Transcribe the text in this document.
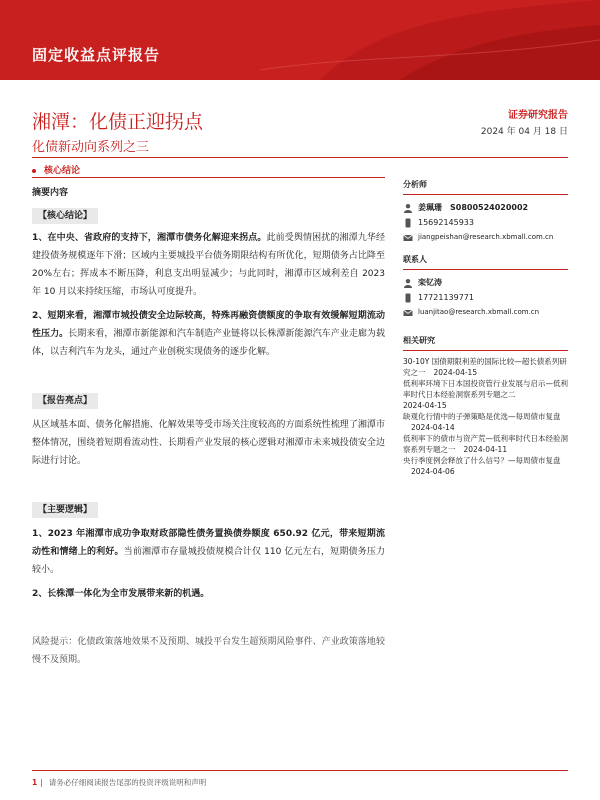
固定收益点评报告
湘潭：化债正迎拐点	证券研究报告
2024 年 04 月 18 日
化债新动向系列之三
核心结论
摘要内容
【核心结论】

1、在中央、省政府的支持下，湘潭市债务化解迎来拐点。此前受舆情困扰的湘潭九华经建投债务规模逐年下滑；区域内主要城投平台债务期限结构有所优化，短期债务占比降至20%左右；挥成本不断压降，利息支出明显减少；与此同时，湘潭市区域利差自 2023 年 10 月以来持续压缩，市场认可度提升。

2、短期来看，湘潭市城投债安全边际较高，特殊再融资债额度的争取有效缓解短期流动性压力。长期来看，湘潭市新能源和汽车制造产业链将以长株潭新能源汽车产业走廊为载体，以吉利汽车为龙头，通过产业创税实现债务的逐步化解。

【报告亮点】

从区域基本面、债务化解措施、化解效果等受市场关注度较高的方面系统性梳理了湘潭市整体情况，围绕着短期看流动性、长期看产业发展的核心逻辑对湘潭市未来城投债安全边际进行讨论。

【主要逻辑】

1、2023 年湘潭市成功争取财政部隐性债务置换债券额度 650.92 亿元，带来短期流动性和情绪上的利好。当前湘潭市存量城投债规模合计仅 110 亿元左右，短期债务压力较小。

2、长株潭一体化为全市发展带来新的机遇。

风险提示：化债政策落地效果不及预期、城投平台发生超预期风险事件、产业政策落地较慢不及预期。

分析师
姜珮珊 S0800524020002
15692145933
jiangpeishan@research.xbmall.com.cn
联系人
栾钇涛
17721139771
luanjitao@research.xbmall.com.cn
相关研究
30-10Y 国债期限利差的国际比较—超长债系列研究之一 2024-04-15
低利率环境下日本国投资管行业发展与启示—低利率时代日本经验洞察系列专题之二
2024-04-15
缺观化行情中的子弹策略是优选—每周债市复盘2024-04-14
低利率下的债市与资产荒—低利率时代日本经验洞察系列专题之一 2024-04-11
央行季度例会释放了什么信号？—每周债市复盘2024-04-06
1 | 请务必仔细阅读报告尾部的投资评级说明和声明
